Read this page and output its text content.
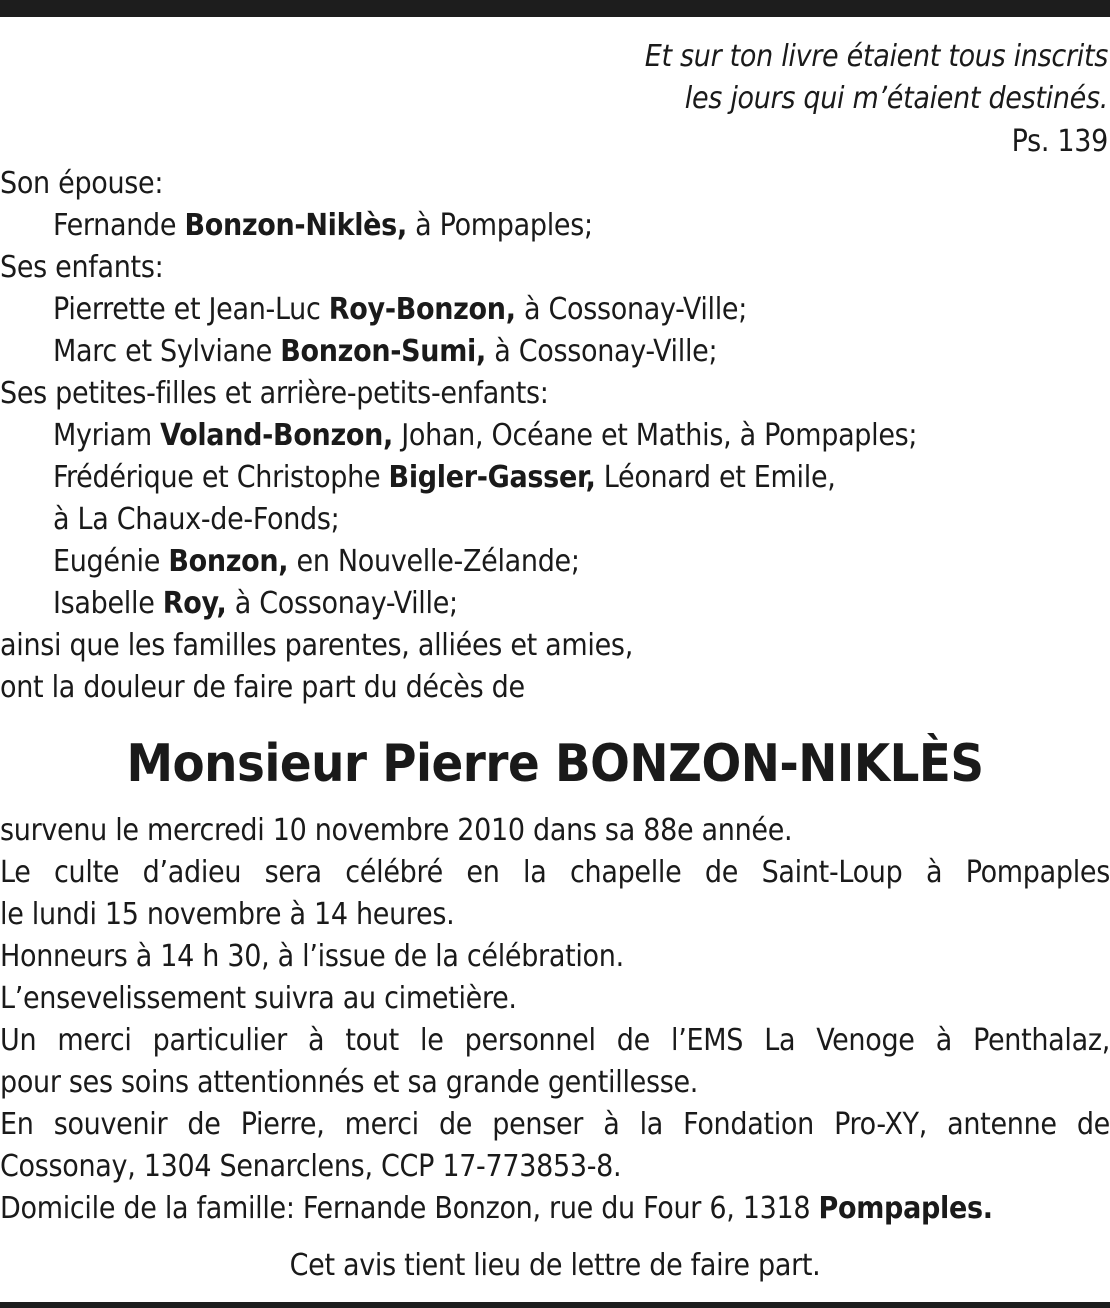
Et sur ton livre étaient tous inscrits
les jours qui m’étaient destinés.
Ps. 139
Son épouse:
Fernande Bonzon-Niklès, à Pompaples;
Ses enfants:
Pierrette et Jean-Luc Roy-Bonzon, à Cossonay-Ville;
Marc et Sylviane Bonzon-Sumi, à Cossonay-Ville;
Ses petites-filles et arrière-petits-enfants:
Myriam Voland-Bonzon, Johan, Océane et Mathis, à Pompaples;
Frédérique et Christophe Bigler-Gasser, Léonard et Emile,
à La Chaux-de-Fonds;
Eugénie Bonzon, en Nouvelle-Zélande;
Isabelle Roy, à Cossonay-Ville;
ainsi que les familles parentes, alliées et amies,
ont la douleur de faire part du décès de
Monsieur Pierre BONZON-NIKLÈS
survenu le mercredi 10 novembre 2010 dans sa 88e année.
Le culte d’adieu sera célébré en la chapelle de Saint-Loup à Pompaples
le lundi 15 novembre à 14 heures.
Honneurs à 14 h 30, à l’issue de la célébration.
L’ensevelissement suivra au cimetière.
Un merci particulier à tout le personnel de l’EMS La Venoge à Penthalaz,
pour ses soins attentionnés et sa grande gentillesse.
En souvenir de Pierre, merci de penser à la Fondation Pro-XY, antenne de
Cossonay, 1304 Senarclens, CCP 17-773853-8.
Domicile de la famille: Fernande Bonzon, rue du Four 6, 1318 Pompaples.
Cet avis tient lieu de lettre de faire part.
